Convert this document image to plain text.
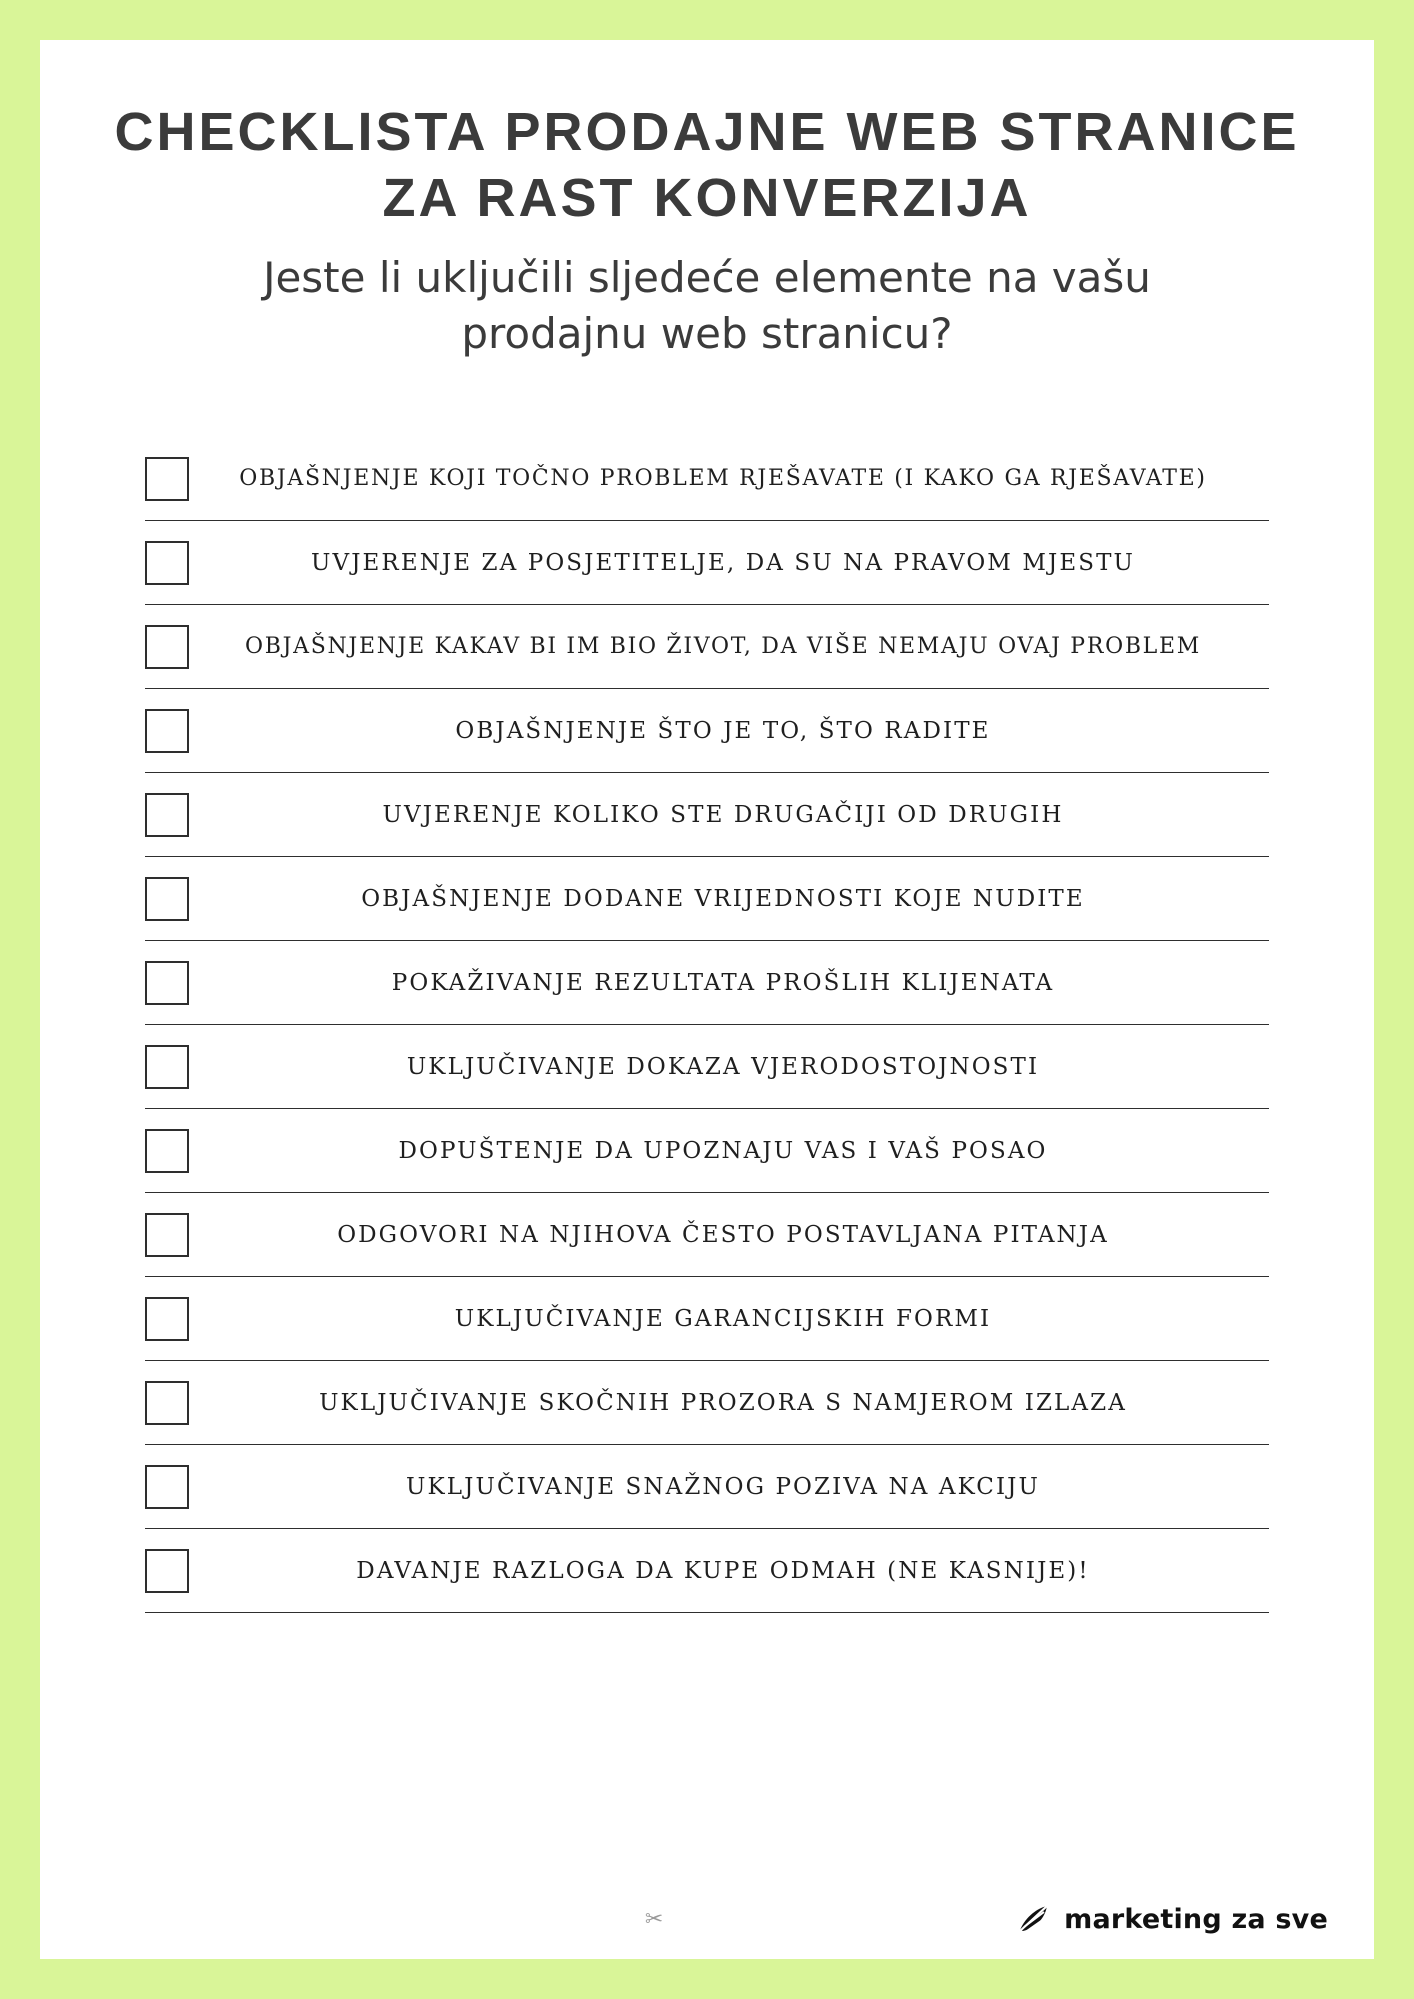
CHECKLISTA PRODAJNE WEB STRANICE ZA RAST KONVERZIJA

Jeste li uključili sljedeće elemente na vašu prodajnu web stranicu?

OBJAŠNJENJE KOJI TOČNO PROBLEM RJEŠAVATE (I KAKO GA RJEŠAVATE)
UVJERENJE ZA POSJETITELJE, DA SU NA PRAVOM MJESTU
OBJAŠNJENJE KAKAV BI IM BIO ŽIVOT, DA VIŠE NEMAJU OVAJ PROBLEM
OBJAŠNJENJE ŠTO JE TO, ŠTO RADITE
UVJERENJE KOLIKO STE DRUGAČIJI OD DRUGIH
OBJAŠNJENJE DODANE VRIJEDNOSTI KOJE NUDITE
POKAŽIVANJE REZULTATA PROŠLIH KLIJENATA
UKLJUČIVANJE DOKAZA VJERODOSTOJNOSTI
DOPUŠTENJE DA UPOZNAJU VAS I VAŠ POSAO
ODGOVORI NA NJIHOVA ČESTO POSTAVLJANA PITANJA
UKLJUČIVANJE GARANCIJSKIH FORMI
UKLJUČIVANJE SKOČNIH PROZORA S NAMJEROM IZLAZA
UKLJUČIVANJE SNAŽNOG POZIVA NA AKCIJU
DAVANJE RAZLOGA DA KUPE ODMAH (NE KASNIJE)!
✂	marketing za sve
